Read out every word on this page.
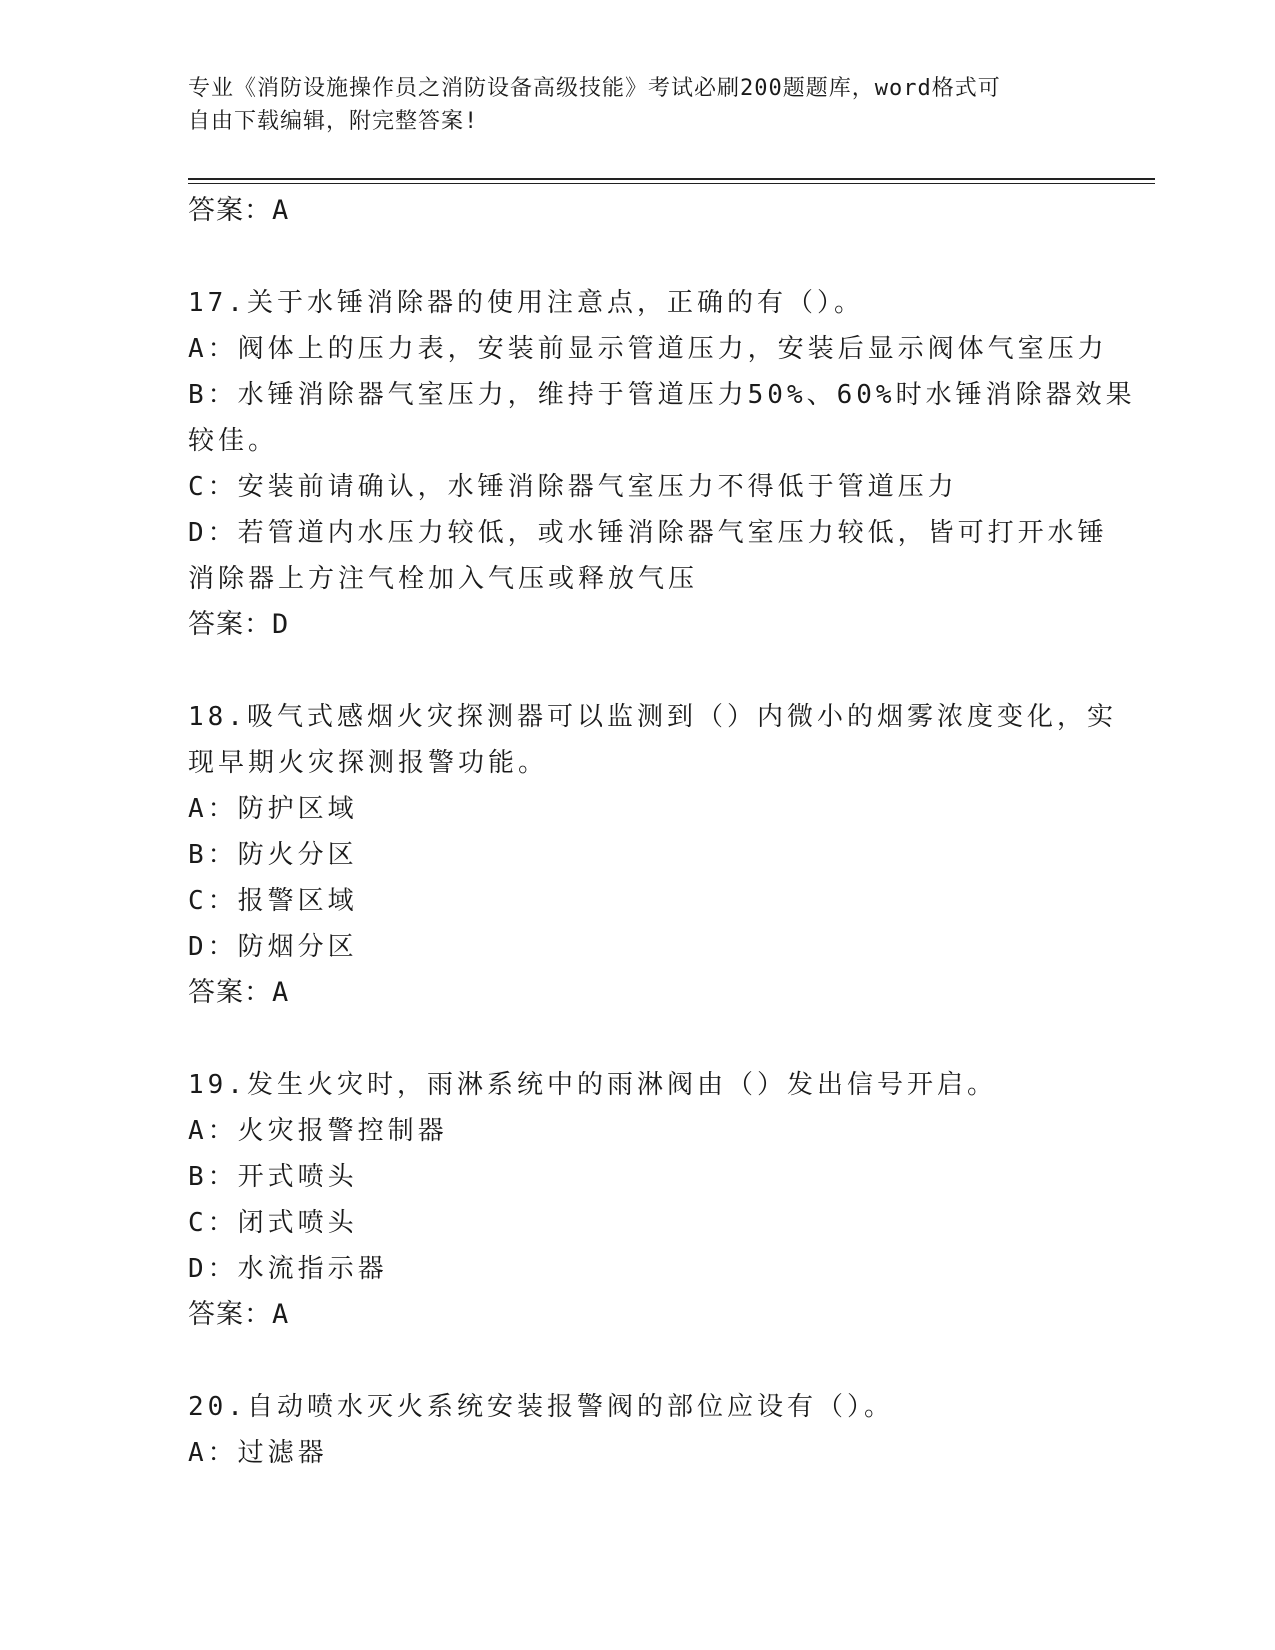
专业《消防设施操作员之消防设备高级技能》考试必刷200题题库，word格式可
自由下载编辑，附完整答案!
答案：A
17.关于水锤消除器的使用注意点，正确的有（）。
A：阀体上的压力表，安装前显示管道压力，安装后显示阀体气室压力
B：水锤消除器气室压力，维持于管道压力50%、60%时水锤消除器效果
较佳。
C：安装前请确认，水锤消除器气室压力不得低于管道压力
D：若管道内水压力较低，或水锤消除器气室压力较低，皆可打开水锤
消除器上方注气栓加入气压或释放气压
答案：D
18.吸气式感烟火灾探测器可以监测到（）内微小的烟雾浓度变化，实
现早期火灾探测报警功能。
A：防护区域
B：防火分区
C：报警区域
D：防烟分区
答案：A
19.发生火灾时，雨淋系统中的雨淋阀由（）发出信号开启。
A：火灾报警控制器
B：开式喷头
C：闭式喷头
D：水流指示器
答案：A
20.自动喷水灭火系统安装报警阀的部位应设有（）。
A：过滤器
